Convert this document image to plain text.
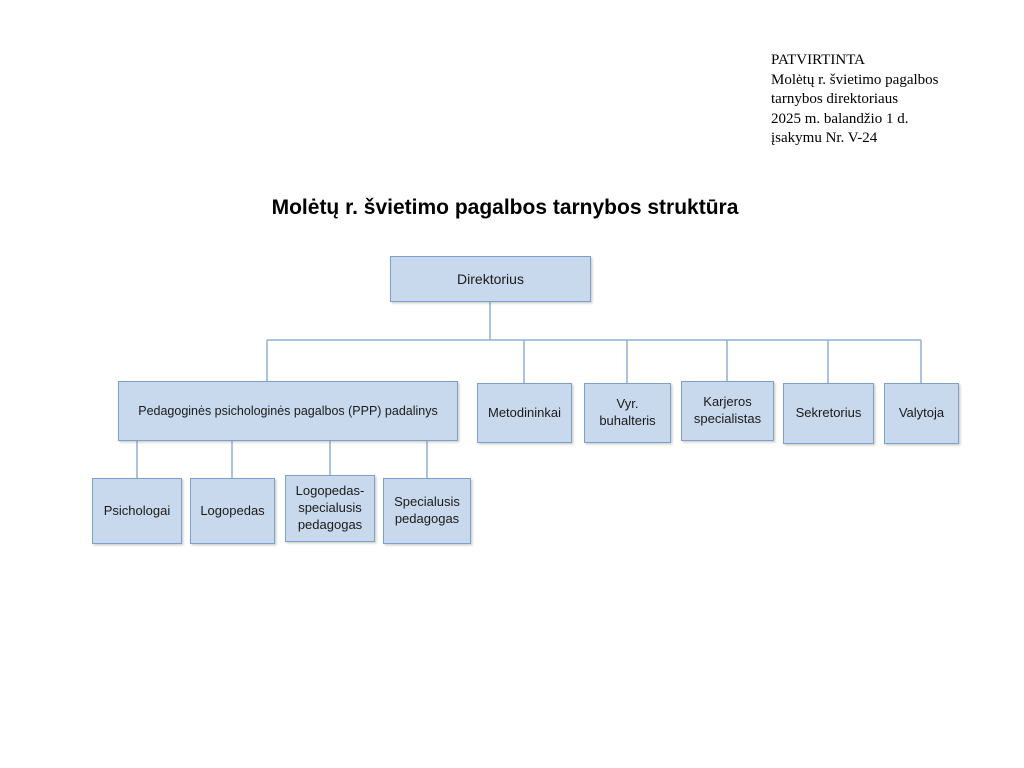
PATVIRTINTA
Molėtų r. švietimo pagalbos
tarnybos direktoriaus
2025 m. balandžio 1 d.
įsakymu Nr. V-24
Molėtų r. švietimo pagalbos tarnybos struktūra
Direktorius
Pedagoginės psichologinės pagalbos (PPP) padalinys	Metodininkai
Vyr. buhalteris
Karjeros specialistas	Sekretorius	Valytoja
Psichologai Logopedas
Logopedas-specialusis pedagogas
Specialusis pedagogas
